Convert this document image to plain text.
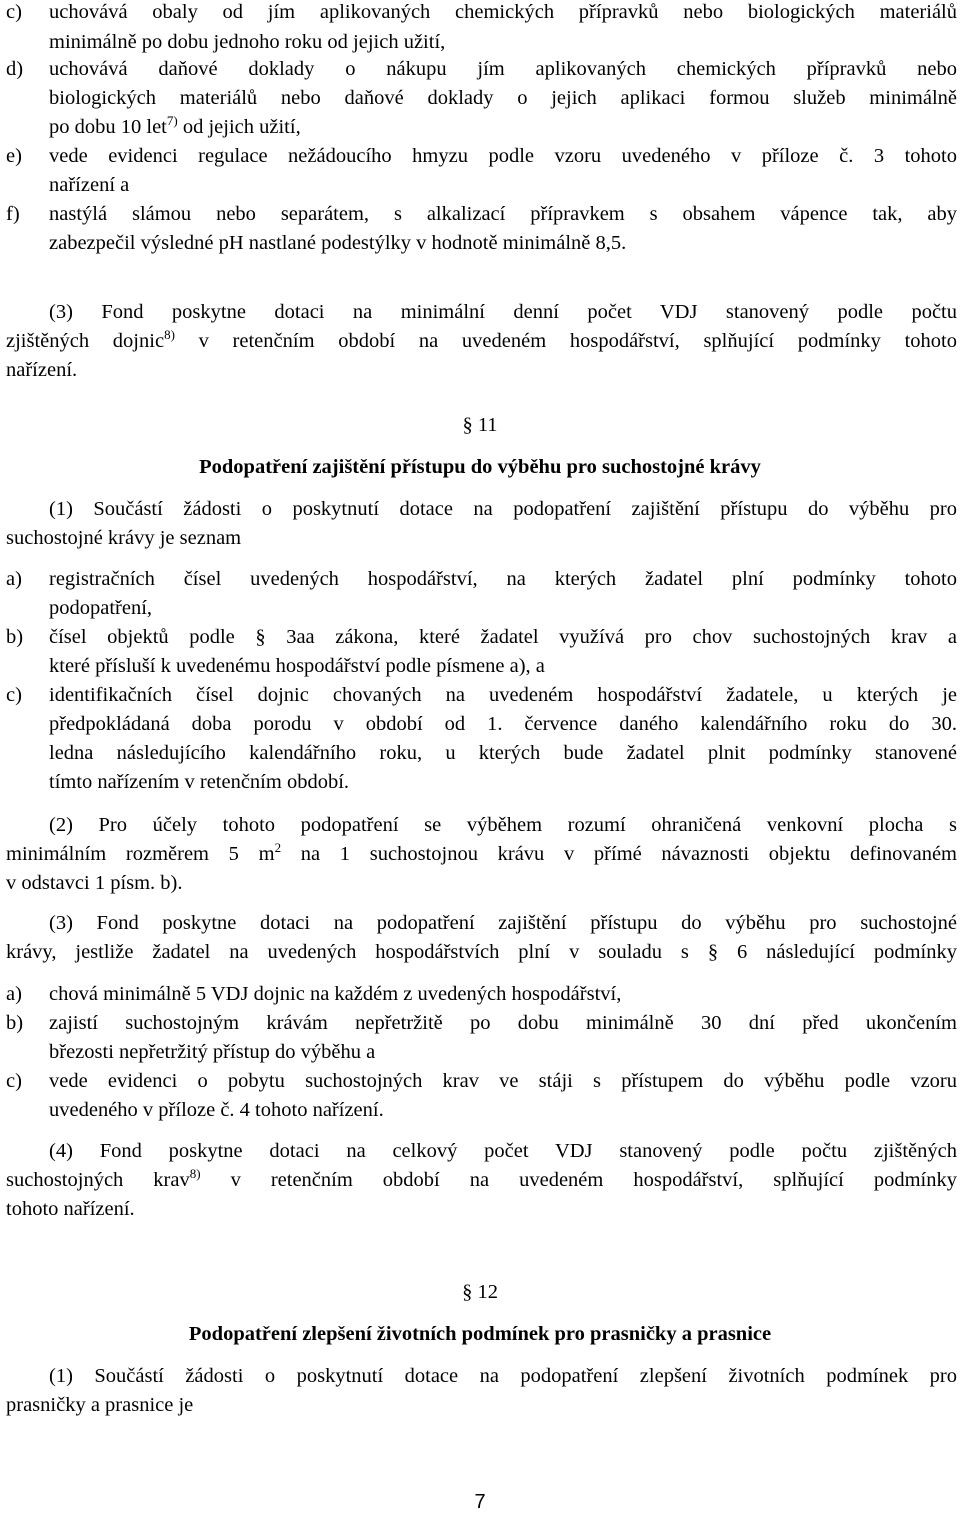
c) uchovává obaly od jím aplikovaných chemických přípravků nebo biologických materiálů
minimálně po dobu jednoho roku od jejich užití,
d) uchovává daňové doklady o nákupu jím aplikovaných chemických přípravků nebo
biologických materiálů nebo daňové doklady o jejich aplikaci formou služeb minimálně
po dobu 10 let$^{7)}$ od jejich užití,
e) vede evidenci regulace nežádoucího hmyzu podle vzoru uvedeného v příloze č. 3 tohoto
nařízení a
f) nastýlá slámou nebo separátem, s alkalizací přípravkem s obsahem vápence tak, aby
zabezpečil výsledné pH nastlané podestýlky v hodnotě minimálně 8,5.
(3) Fond poskytne dotaci na minimální denní počet VDJ stanovený podle počtu
zjištěných dojnic$^{8)}$ v retenčním období na uvedeném hospodářství, splňující podmínky tohoto
nařízení.
§ 11
Podopatření zajištění přístupu do výběhu pro suchostojné krávy
(1) Součástí žádosti o poskytnutí dotace na podopatření zajištění přístupu do výběhu pro
suchostojné krávy je seznam
a) registračních čísel uvedených hospodářství, na kterých žadatel plní podmínky tohoto
podopatření,
b) čísel objektů podle § 3aa zákona, které žadatel využívá pro chov suchostojných krav a
které přísluší k uvedenému hospodářství podle písmene a), a
c) identifikačních čísel dojnic chovaných na uvedeném hospodářství žadatele, u kterých je
předpokládaná doba porodu v období od 1. července daného kalendářního roku do 30.
ledna následujícího kalendářního roku, u kterých bude žadatel plnit podmínky stanovené
tímto nařízením v retenčním období.
(2) Pro účely tohoto podopatření se výběhem rozumí ohraničená venkovní plocha s
minimálním rozměrem 5 $m^2$ na 1 suchostojnou krávu v přímé návaznosti objektu definovaném
v odstavci 1 písm. b).
(3) Fond poskytne dotaci na podopatření zajištění přístupu do výběhu pro suchostojné
krávy, jestliže žadatel na uvedených hospodářstvích plní v souladu s § 6 následující podmínky
a) chová minimálně 5 VDJ dojnic na každém z uvedených hospodářství,
b) zajistí suchostojným krávám nepřetržitě po dobu minimálně 30 dní před ukončením
březosti nepřetržitý přístup do výběhu a
c) vede evidenci o pobytu suchostojných krav ve stáji s přístupem do výběhu podle vzoru
uvedeného v příloze č. 4 tohoto nařízení.
(4) Fond poskytne dotaci na celkový počet VDJ stanovený podle počtu zjištěných
suchostojných krav$^{8)}$ v retenčním období na uvedeném hospodářství, splňující podmínky
tohoto nařízení.
§ 12
Podopatření zlepšení životních podmínek pro prasničky a prasnice
(1) Součástí žádosti o poskytnutí dotace na podopatření zlepšení životních podmínek pro
prasničky a prasnice je
7
